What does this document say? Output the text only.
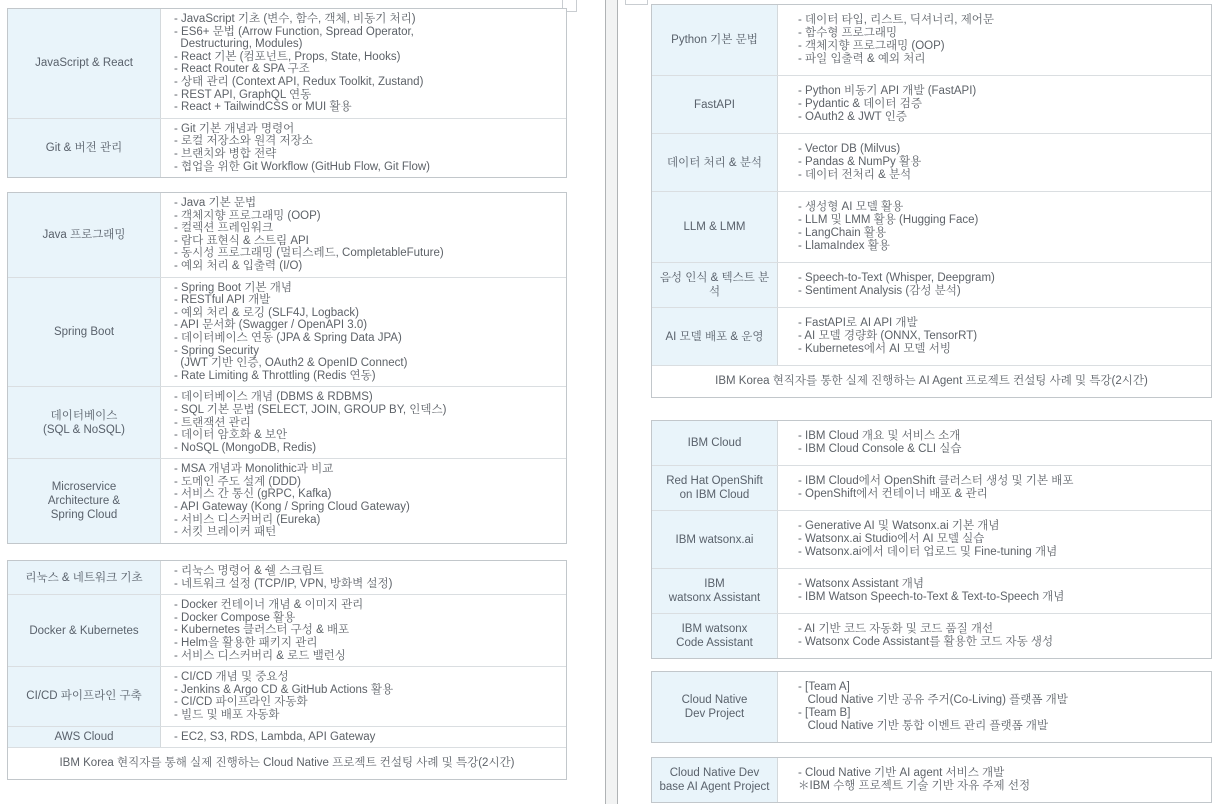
JavaScript & React
- JavaScript 기초 (변수, 함수, 객체, 비동기 처리)
- ES6+ 문법 (Arrow Function, Spread Operator,
Destructuring, Modules)
- React 기본 (컴포넌트, Props, State, Hooks)
- React Router & SPA 구조
- 상태 관리 (Context API, Redux Toolkit, Zustand)
- REST API, GraphQL 연동
- React + TailwindCSS or MUI 활용
Git & 버전 관리
- Git 기본 개념과 명령어
- 로컬 저장소와 원격 저장소
- 브랜치와 병합 전략
- 협업을 위한 Git Workflow (GitHub Flow, Git Flow)
Java 프로그래밍
- Java 기본 문법
- 객체지향 프로그래밍 (OOP)
- 컬렉션 프레임워크
- 람다 표현식 & 스트림 API
- 동시성 프로그래밍 (멀티스레드, CompletableFuture)
- 예외 처리 & 입출력 (I/O)
Spring Boot
- Spring Boot 기본 개념
- RESTful API 개발
- 예외 처리 & 로깅 (SLF4J, Logback)
- API 문서화 (Swagger / OpenAPI 3.0)
- 데이터베이스 연동 (JPA & Spring Data JPA)
- Spring Security
(JWT 기반 인증, OAuth2 & OpenID Connect)
- Rate Limiting & Throttling (Redis 연동)
데이터베이스
(SQL & NoSQL)
- 데이터베이스 개념 (DBMS & RDBMS)
- SQL 기본 문법 (SELECT, JOIN, GROUP BY, 인덱스)
- 트랜잭션 관리
- 데이터 암호화 & 보안
- NoSQL (MongoDB, Redis)
Microservice
Architecture &
Spring Cloud
- MSA 개념과 Monolithic과 비교
- 도메인 주도 설계 (DDD)
- 서비스 간 통신 (gRPC, Kafka)
- API Gateway (Kong / Spring Cloud Gateway)
- 서비스 디스커버리 (Eureka)
- 서킷 브레이커 패턴
리눅스 & 네트워크 기초
- 리눅스 명령어 & 쉘 스크립트
- 네트워크 설정 (TCP/IP, VPN, 방화벽 설정)
Docker & Kubernetes
- Docker 컨테이너 개념 & 이미지 관리
- Docker Compose 활용
- Kubernetes 클러스터 구성 & 배포
- Helm을 활용한 패키지 관리
- 서비스 디스커버리 & 로드 밸런싱
CI/CD 파이프라인 구축
- CI/CD 개념 및 중요성
- Jenkins & Argo CD & GitHub Actions 활용
- CI/CD 파이프라인 자동화
- 빌드 및 배포 자동화
AWS Cloud	- EC2, S3, RDS, Lambda, API Gateway
IBM Korea 현직자를 통해 실제 진행하는 Cloud Native 프로젝트 컨설팅 사례 및 특강(2시간)
Python 기본 문법
- 데이터 타입, 리스트, 딕셔너리, 제어문
- 함수형 프로그래밍
- 객체지향 프로그래밍 (OOP)
- 파일 입출력 & 예외 처리
FastAPI
- Python 비동기 API 개발 (FastAPI)
- Pydantic & 데이터 검증
- OAuth2 & JWT 인증
데이터 처리 & 분석
- Vector DB (Milvus)
- Pandas & NumPy 활용
- 데이터 전처리 & 분석
LLM & LMM
- 생성형 AI 모델 활용
- LLM 및 LMM 활용 (Hugging Face)
- LangChain 활용
- LlamaIndex 활용
음성 인식 & 텍스트 분석
- Speech-to-Text (Whisper, Deepgram)
- Sentiment Analysis (감성 분석)
AI 모델 배포 & 운영
- FastAPI로 AI API 개발
- AI 모델 경량화 (ONNX, TensorRT)
- Kubernetes에서 AI 모델 서빙
IBM Korea 현직자를 통한 실제 진행하는 AI Agent 프로젝트 컨설팅 사례 및 특강(2시간)
IBM Cloud
- IBM Cloud 개요 및 서비스 소개
- IBM Cloud Console & CLI 실습
Red Hat OpenShift
on IBM Cloud
- IBM Cloud에서 OpenShift 클러스터 생성 및 기본 배포
- OpenShift에서 컨테이너 배포 & 관리
IBM watsonx.ai
- Generative AI 및 Watsonx.ai 기본 개념
- Watsonx.ai Studio에서 AI 모델 실습
- Watsonx.ai에서 데이터 업로드 및 Fine-tuning 개념
IBM
watsonx Assistant
- Watsonx Assistant 개념
- IBM Watson Speech-to-Text & Text-to-Speech 개념
IBM watsonx
Code Assistant
- AI 기반 코드 자동화 및 코드 품질 개선
- Watsonx Code Assistant를 활용한 코드 자동 생성
Cloud Native
Dev Project
- [Team A]
Cloud Native 기반 공유 주거(Co-Living) 플랫폼 개발
- [Team B]
Cloud Native 기반 통합 이벤트 관리 플랫폼 개발
Cloud Native Dev
base AI Agent Project
- Cloud Native 기반 AI agent 서비스 개발
＊IBM 수행 프로젝트 기술 기반 자유 주제 선정
